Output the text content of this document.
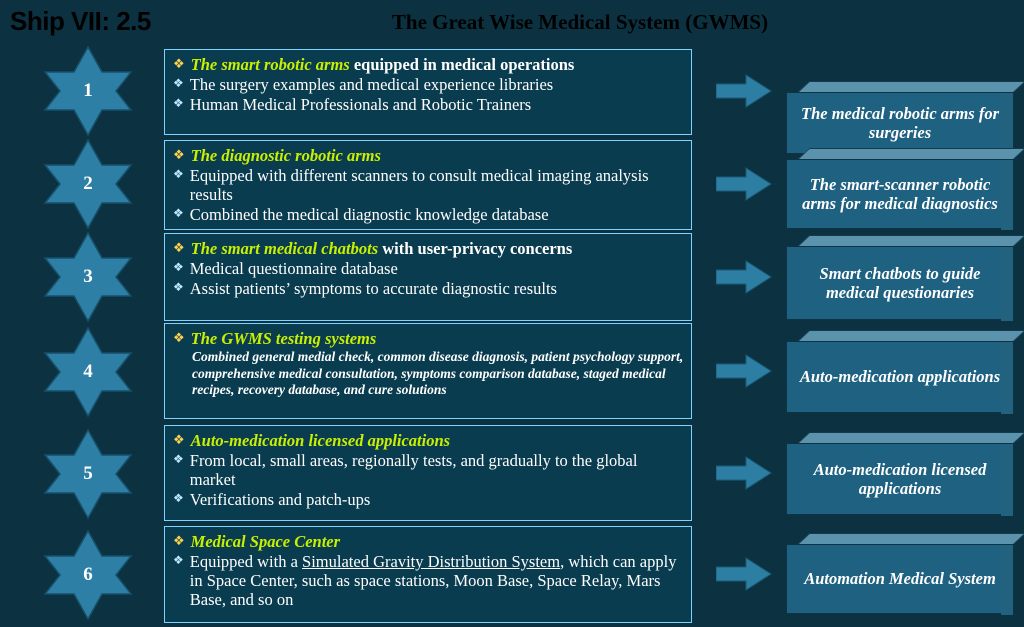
Ship VII: 2.5	The Great Wise Medical System (GWMS)
1
❖ The smart robotic arms equipped in medical operations
❖ The surgery examples and medical experience libraries
❖ Human Medical Professionals and Robotic Trainers	The medical robotic arms for surgeries
2
❖ The diagnostic robotic arms
❖ Equipped with different scanners to consult medical imaging analysis results
❖ Combined the medical diagnostic knowledge database
The smart-scanner robotic arms for medical diagnostics
3
❖ The smart medical chatbots with user-privacy concerns
❖ Medical questionnaire database
❖ Assist patients’ symptoms to accurate diagnostic results
Smart chatbots to guide medical questionaries
4
❖ The GWMS testing systems
Combined general medial check, common disease diagnosis, patient psychology support, comprehensive medical consultation, symptoms comparison database, staged medical recipes, recovery database, and cure solutions
Auto-medication applications
5
❖ Auto-medication licensed applications
❖ From local, small areas, regionally tests, and gradually to the global market
❖ Verifications and patch-ups
Auto-medication licensed applications
6
❖ Medical Space Center
❖ Equipped with a Simulated Gravity Distribution System, which can apply in Space Center, such as space stations, Moon Base, Space Relay, Mars Base, and so on
Automation Medical System
